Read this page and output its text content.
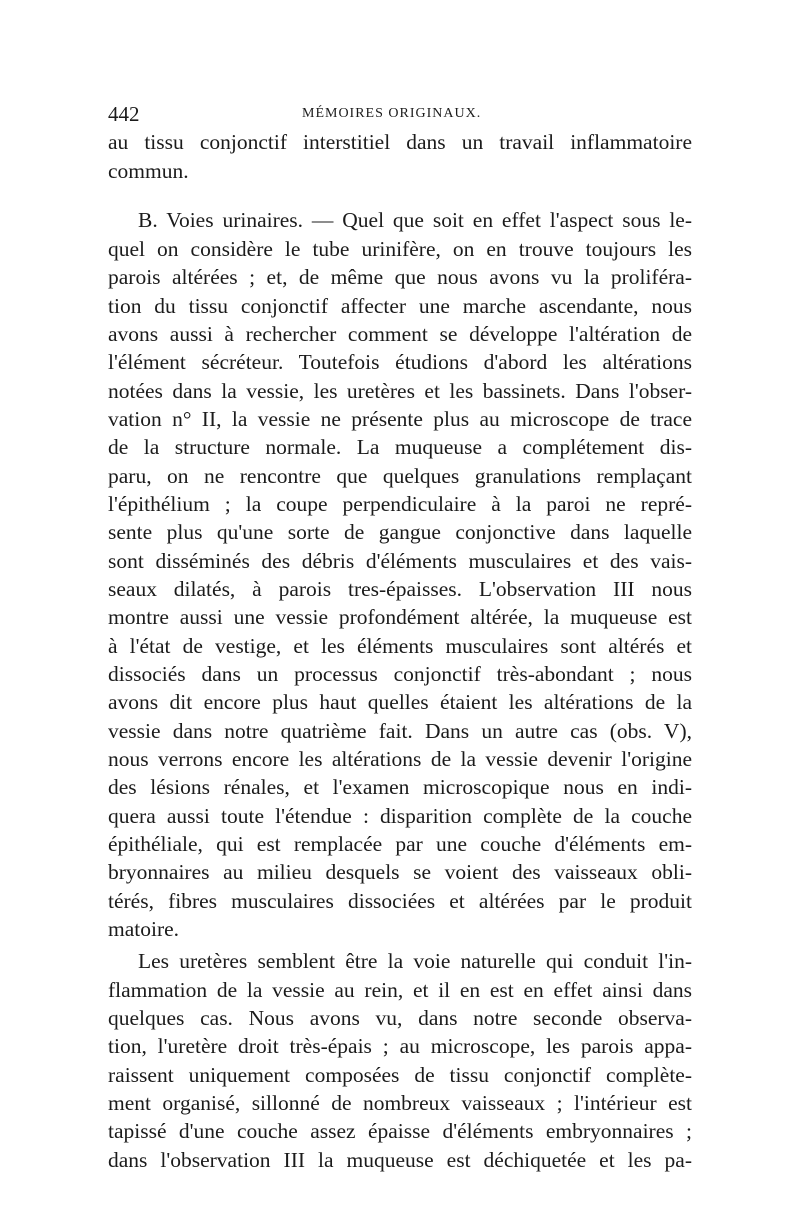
442	MÉMOIRES ORIGINAUX.
au tissu conjonctif interstitiel dans un travail inflammatoire
commun.
B. Voies urinaires. — Quel que soit en effet l'aspect sous le-
quel on considère le tube urinifère, on en trouve toujours les
parois altérées ; et, de même que nous avons vu la proliféra-
tion du tissu conjonctif affecter une marche ascendante, nous
avons aussi à rechercher comment se développe l'altération de
l'élément sécréteur. Toutefois étudions d'abord les altérations
notées dans la vessie, les uretères et les bassinets. Dans l'obser-
vation n° II, la vessie ne présente plus au microscope de trace
de la structure normale. La muqueuse a complétement dis-
paru, on ne rencontre que quelques granulations remplaçant
l'épithélium ; la coupe perpendiculaire à la paroi ne repré-
sente plus qu'une sorte de gangue conjonctive dans laquelle
sont disséminés des débris d'éléments musculaires et des vais-
seaux dilatés, à parois tres-épaisses. L'observation III nous
montre aussi une vessie profondément altérée, la muqueuse est
à l'état de vestige, et les éléments musculaires sont altérés et
dissociés dans un processus conjonctif très-abondant ; nous
avons dit encore plus haut quelles étaient les altérations de la
vessie dans notre quatrième fait. Dans un autre cas (obs. V),
nous verrons encore les altérations de la vessie devenir l'origine
des lésions rénales, et l'examen microscopique nous en indi-
quera aussi toute l'étendue : disparition complète de la couche
épithéliale, qui est remplacée par une couche d'éléments em-
bryonnaires au milieu desquels se voient des vaisseaux obli-
térés, fibres musculaires dissociées et altérées par le produit
matoire.
Les uretères semblent être la voie naturelle qui conduit l'in-
flammation de la vessie au rein, et il en est en effet ainsi dans
quelques cas. Nous avons vu, dans notre seconde observa-
tion, l'uretère droit très-épais ; au microscope, les parois appa-
raissent uniquement composées de tissu conjonctif complète-
ment organisé, sillonné de nombreux vaisseaux ; l'intérieur est
tapissé d'une couche assez épaisse d'éléments embryonnaires ;
dans l'observation III la muqueuse est déchiquetée et les pa-
